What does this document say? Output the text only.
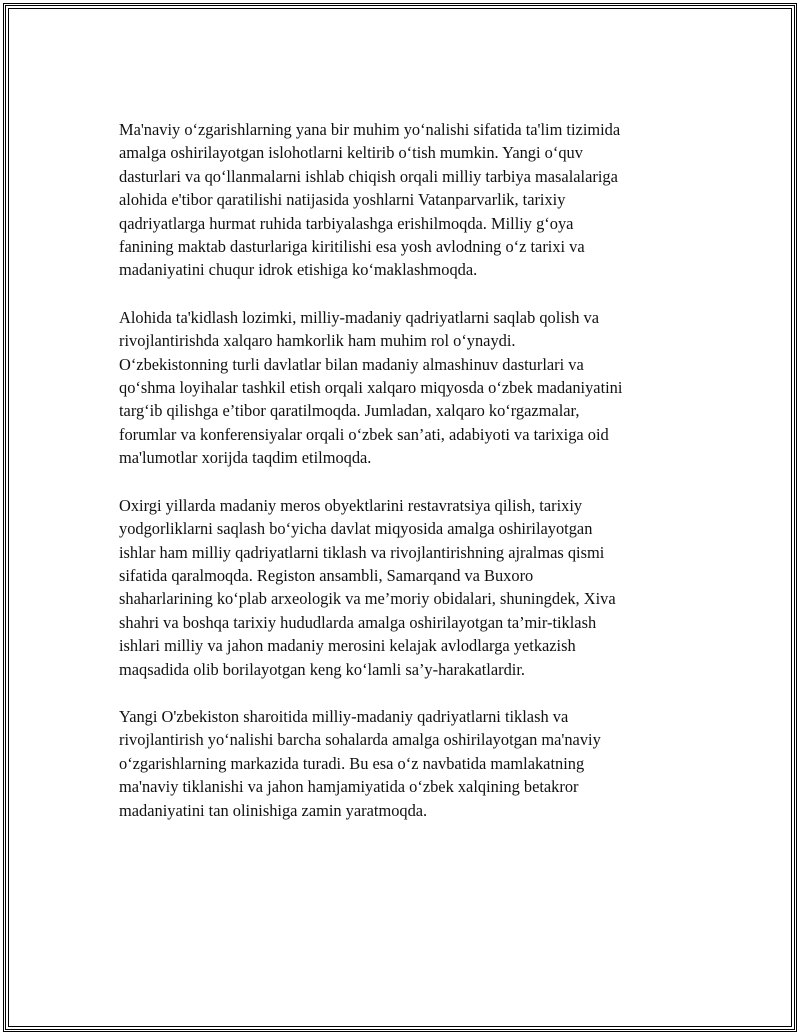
Ma'naviy o‘zgarishlarning yana bir muhim yo‘nalishi sifatida ta'lim tizimida
amalga oshirilayotgan islohotlarni keltirib o‘tish mumkin. Yangi o‘quv
dasturlari va qo‘llanmalarni ishlab chiqish orqali milliy tarbiya masalalariga
alohida e'tibor qaratilishi natijasida yoshlarni Vatanparvarlik, tarixiy
qadriyatlarga hurmat ruhida tarbiyalashga erishilmoqda. Milliy g‘oya
fanining maktab dasturlariga kiritilishi esa yosh avlodning o‘z tarixi va
madaniyatini chuqur idrok etishiga ko‘maklashmoqda.

Alohida ta'kidlash lozimki, milliy-madaniy qadriyatlarni saqlab qolish va
rivojlantirishda xalqaro hamkorlik ham muhim rol o‘ynaydi.
O‘zbekistonning turli davlatlar bilan madaniy almashinuv dasturlari va
qo‘shma loyihalar tashkil etish orqali xalqaro miqyosda o‘zbek madaniyatini
targ‘ib qilishga e’tibor qaratilmoqda. Jumladan, xalqaro ko‘rgazmalar,
forumlar va konferensiyalar orqali o‘zbek san’ati, adabiyoti va tarixiga oid
ma'lumotlar xorijda taqdim etilmoqda.

Oxirgi yillarda madaniy meros obyektlarini restavratsiya qilish, tarixiy
yodgorliklarni saqlash bo‘yicha davlat miqyosida amalga oshirilayotgan
ishlar ham milliy qadriyatlarni tiklash va rivojlantirishning ajralmas qismi
sifatida qaralmoqda. Registon ansambli, Samarqand va Buxoro
shaharlarining ko‘plab arxeologik va me’moriy obidalari, shuningdek, Xiva
shahri va boshqa tarixiy hududlarda amalga oshirilayotgan ta’mir-tiklash
ishlari milliy va jahon madaniy merosini kelajak avlodlarga yetkazish
maqsadida olib borilayotgan keng ko‘lamli sa’y-harakatlardir.

Yangi O'zbekiston sharoitida milliy-madaniy qadriyatlarni tiklash va
rivojlantirish yo‘nalishi barcha sohalarda amalga oshirilayotgan ma'naviy
o‘zgarishlarning markazida turadi. Bu esa o‘z navbatida mamlakatning
ma'naviy tiklanishi va jahon hamjamiyatida o‘zbek xalqining betakror
madaniyatini tan olinishiga zamin yaratmoqda.
